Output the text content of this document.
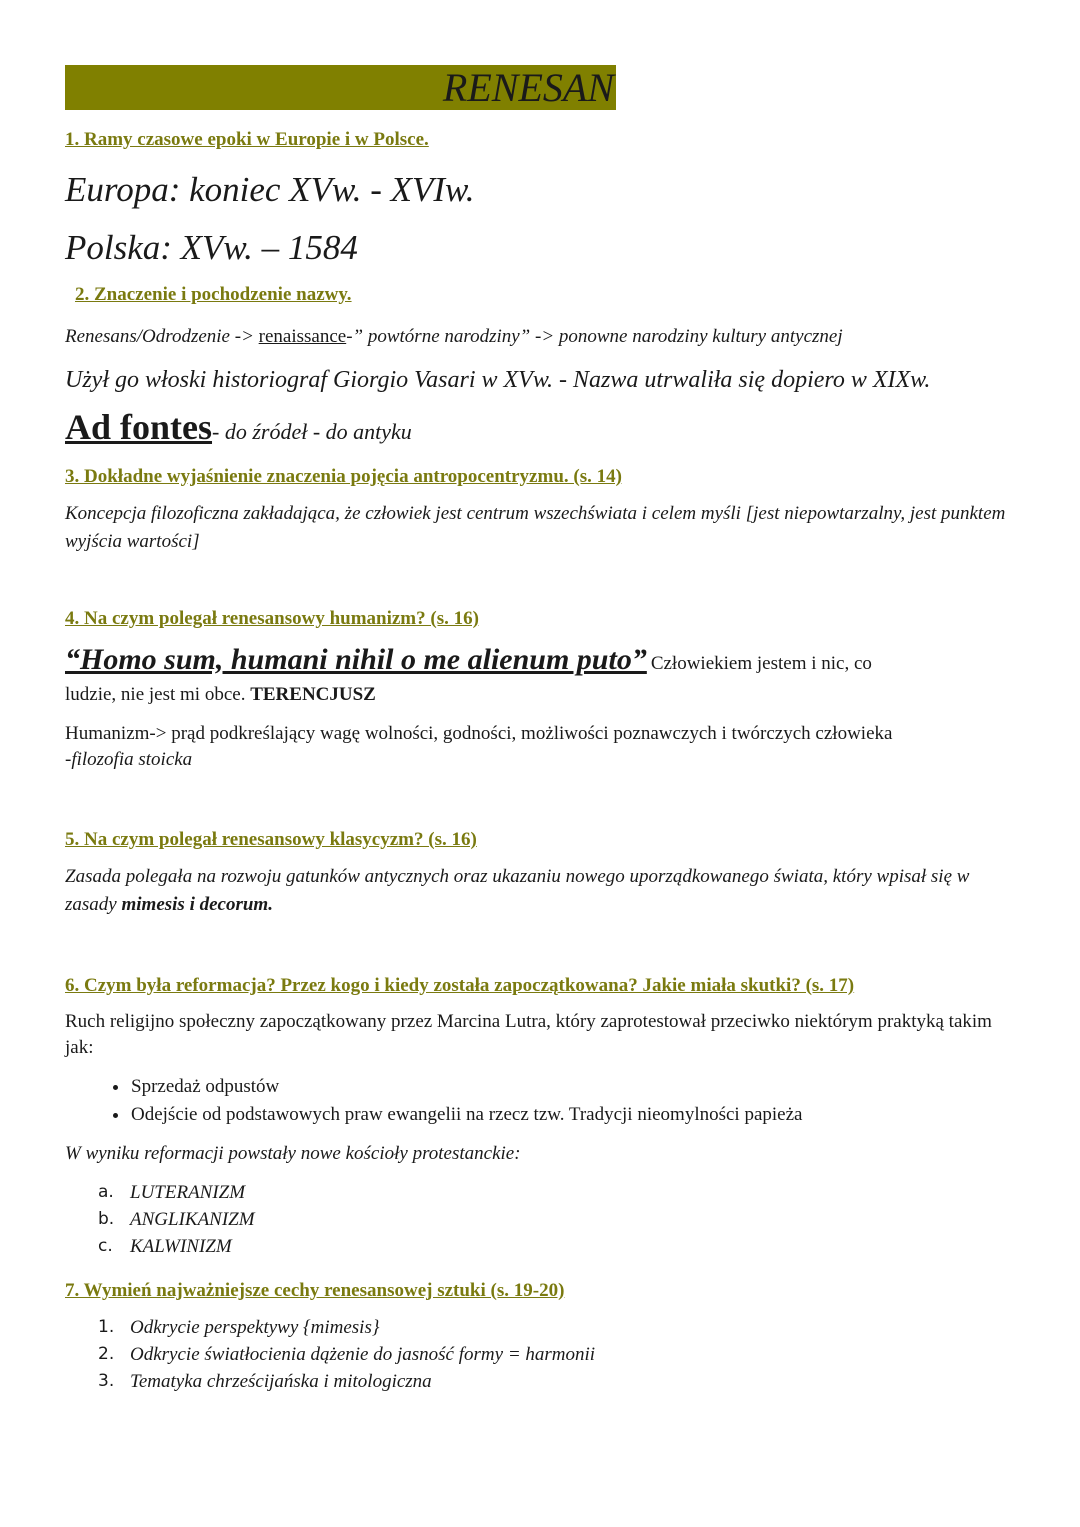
RENESAN

1. Ramy czasowe epoki w Europie i w Polsce.

Europa: koniec XVw. - XVIw.

Polska: XVw. – 1584

2. Znaczenie i pochodzenie nazwy.

Renesans/Odrodzenie -> renaissance-” powtórne narodziny” -> ponowne narodziny kultury antycznej

Użył go włoski historiograf Giorgio Vasari w XVw. - Nazwa utrwaliła się dopiero w XIXw.

Ad fontes- do źródeł - do antyku

3. Dokładne wyjaśnienie znaczenia pojęcia antropocentryzmu. (s. 14)

Koncepcja filozoficzna zakładająca, że człowiek jest centrum wszechświata i celem myśli [jest niepowtarzalny, jest punktem wyjścia wartości]

4. Na czym polegał renesansowy humanizm? (s. 16)

“Homo sum, humani nihil o me alienum puto” Człowiekiem jestem i nic, co

ludzie, nie jest mi obce. TERENCJUSZ

Humanizm-> prąd podkreślający wagę wolności, godności, możliwości poznawczych i twórczych człowieka

-filozofia stoicka

5. Na czym polegał renesansowy klasycyzm? (s. 16)

Zasada polegała na rozwoju gatunków antycznych oraz ukazaniu nowego uporządkowanego świata, który wpisał się w zasady mimesis i decorum.

6. Czym była reformacja? Przez kogo i kiedy została zapoczątkowana? Jakie miała skutki? (s. 17)

Ruch religijno społeczny zapoczątkowany przez Marcina Lutra, który zaprotestował przeciwko niektórym praktyką takim jak:

• Sprzedaż odpustów
• Odejście od podstawowych praw ewangelii na rzecz tzw. Tradycji nieomylności papieża

W wyniku reformacji powstały nowe kościoły protestanckie:

a. LUTERANIZM
b. ANGLIKANIZM
c. KALWINIZM

7. Wymień najważniejsze cechy renesansowej sztuki (s. 19-20)

1. Odkrycie perspektywy {mimesis}
2. Odkrycie światłocienia dążenie do jasność formy = harmonii
3. Tematyka chrześcijańska i mitologiczna
